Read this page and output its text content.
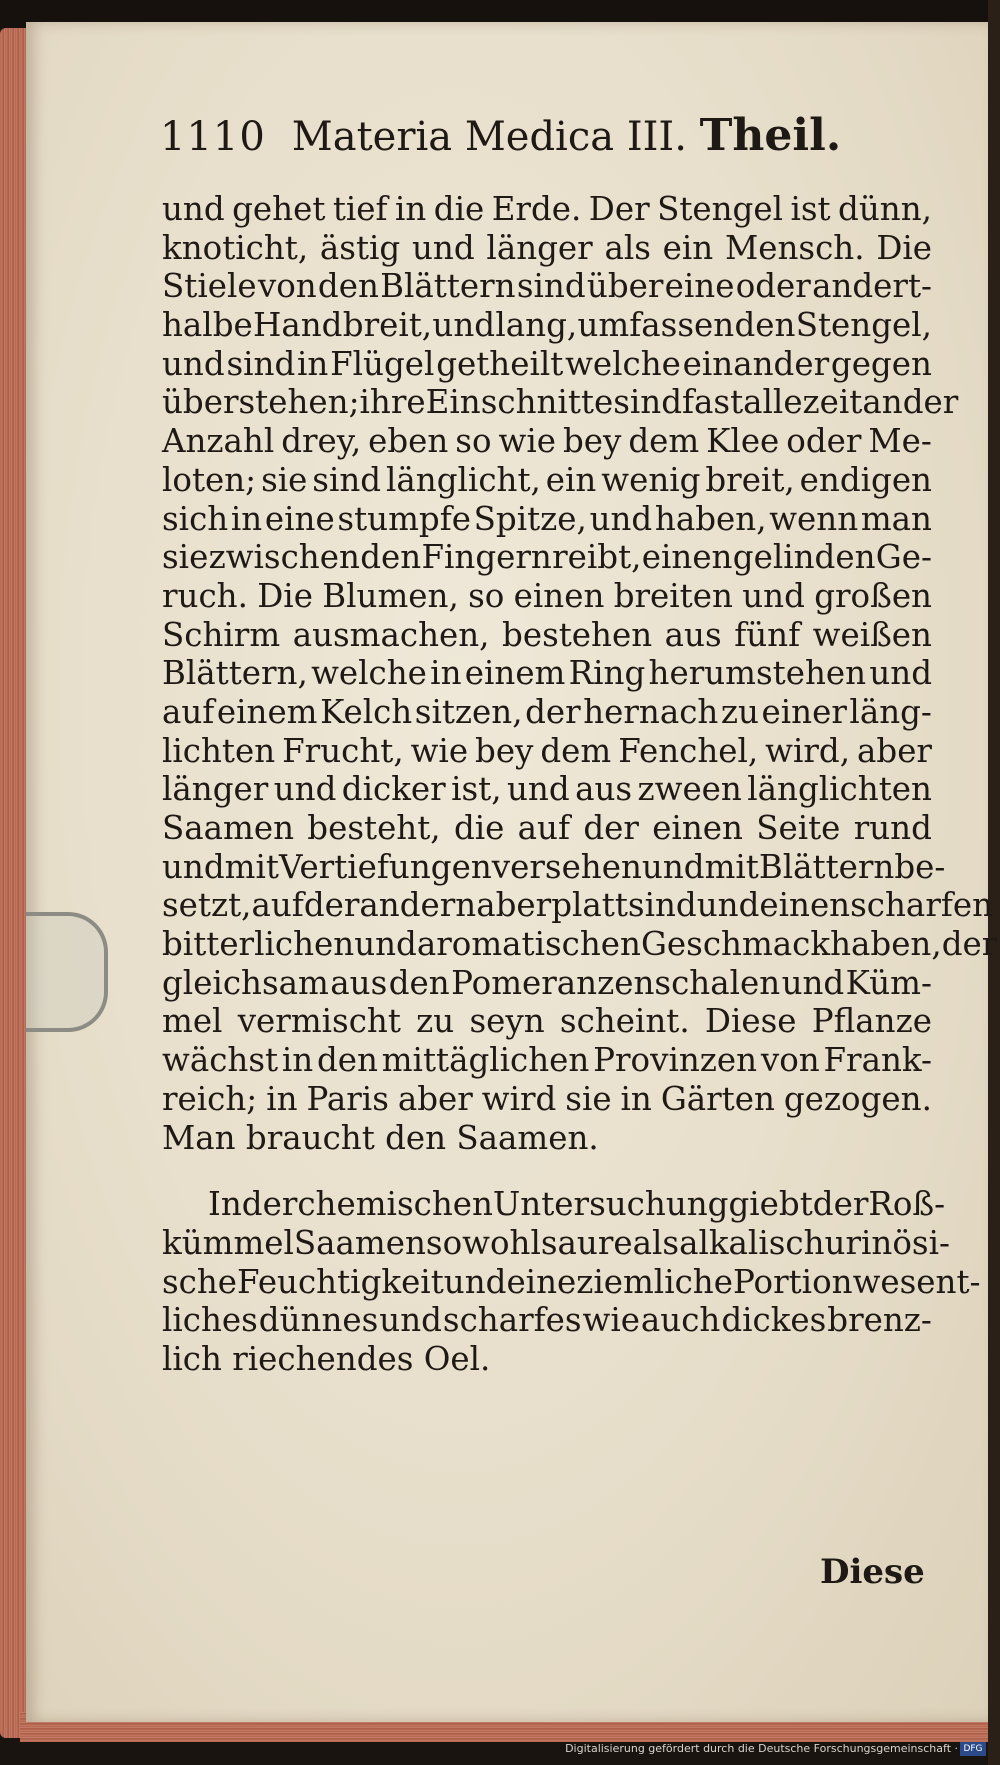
1110 Materia Medica III. Theil.
und gehet tief in die Erde. Der Stengel ist dünn,
knoticht, ästig und länger als ein Mensch. Die
Stiele von den Blättern sind über eine oder andert-
halbe Hand breit, und lang, umfassen den Stengel,
und sind in Flügel getheilt welche einander gegen
überstehen; ihre Einschnitte sind fast allezeit an der
Anzahl drey, eben so wie bey dem Klee oder Me-
loten; sie sind länglicht, ein wenig breit, endigen
sich in eine stumpfe Spitze, und haben, wenn man
sie zwischen den Fingern reibt, einen gelinden Ge-
ruch. Die Blumen, so einen breiten und großen
Schirm ausmachen, bestehen aus fünf weißen
Blättern, welche in einem Ring herumstehen und
auf einem Kelch sitzen, der hernach zu einer läng-
lichten Frucht, wie bey dem Fenchel, wird, aber
länger und dicker ist, und aus zween länglichten
Saamen besteht, die auf der einen Seite rund
und mit Vertiefungen versehen und mit Blättern be-
setzt, auf der andern aber platt sind und einen scharfen
bitterlichen und aromatischen Geschmack haben, der
gleichsam aus den Pomeranzenschalen und Küm-
mel vermischt zu seyn scheint. Diese Pflanze
wächst in den mittäglichen Provinzen von Frank-
reich; in Paris aber wird sie in Gärten gezogen.
Man braucht den Saamen.
In der chemischen Untersuchung giebt der Roß-
kümmel Saamen so wohl saure als alkalisch urinösi-
sche Feuchtigkeit und eine ziemliche Portion wesent-
liches dünnes und scharfes wie auch dickes brenz-
lich riechendes Oel.
Diese
Digitalisierung gefördert durch die Deutsche Forschungsgemeinschaft · DFG
